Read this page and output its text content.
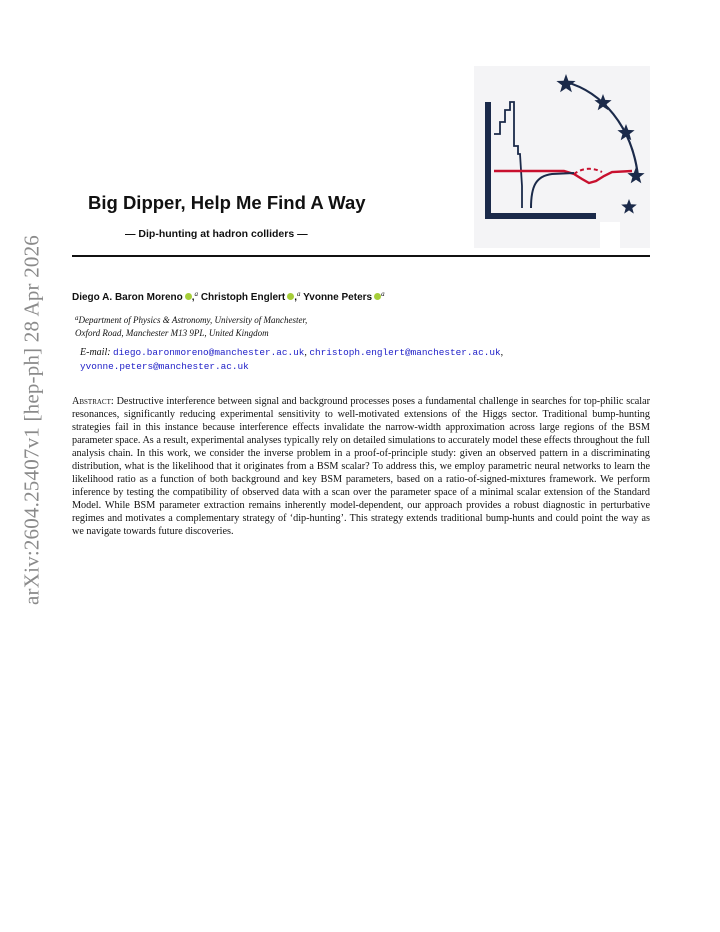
arXiv:2604.25407v1 [hep-ph] 28 Apr 2026
Big Dipper, Help Me Find A Way
— Dip-hunting at hadron colliders —
Diego A. Baron Moreno ,$^a$ Christoph Englert ,$^a$ Yvonne Peters $^a$
$^a$Department of Physics & Astronomy, University of Manchester,
Oxford Road, Manchester M13 9PL, United Kingdom
E-mail: diego.baronmoreno@manchester.ac.uk, christoph.englert@manchester.ac.uk,
yvonne.peters@manchester.ac.uk

Abstract: Destructive interference between signal and background processes poses a fundamental challenge in searches for top-philic scalar resonances, significantly reducing experimental sensitivity to well-motivated extensions of the Higgs sector. Traditional bump-hunting strategies fail in this instance because interference effects invalidate the narrow-width approximation across large regions of the BSM parameter space. As a result, experimental analyses typically rely on detailed simulations to accurately model these effects throughout the full analysis chain. In this work, we consider the inverse problem in a proof-of-principle study: given an observed pattern in a discriminating distribution, what is the likelihood that it originates from a BSM scalar? To address this, we employ parametric neural networks to learn the likelihood ratio as a function of both background and key BSM parameters, based on a ratio-of-signed-mixtures framework. We perform inference by testing the compatibility of observed data with a scan over the parameter space of a minimal scalar extension of the Standard Model. While BSM parameter extraction remains inherently model-dependent, our approach provides a robust diagnostic in perturbative regimes and motivates a complementary strategy of ‘dip-hunting’. This strategy extends traditional bump-hunts and could point the way as we navigate towards future discoveries.
